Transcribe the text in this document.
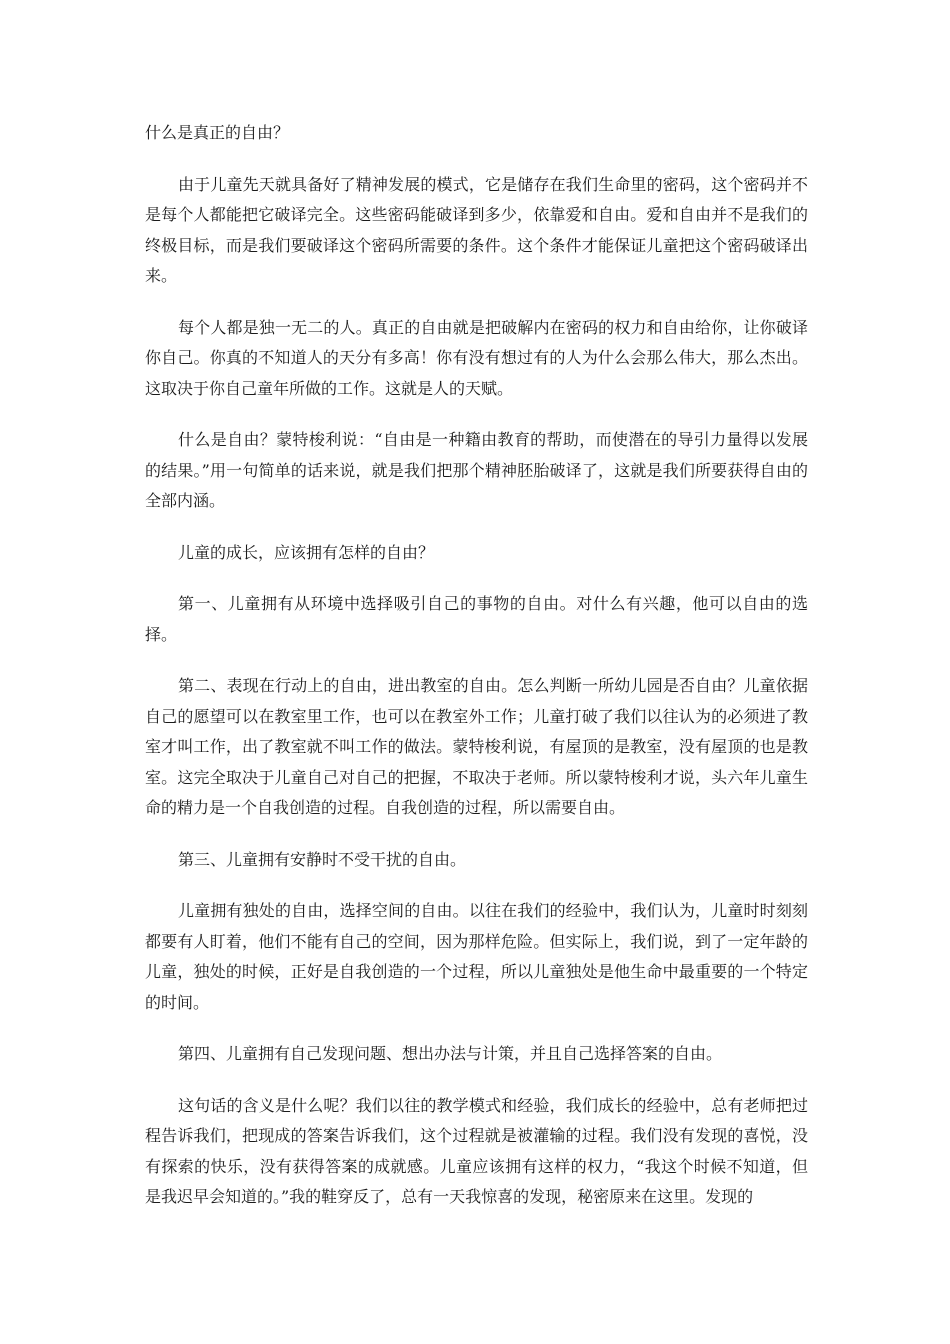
什么是真正的自由？

由于儿童先天就具备好了精神发展的模式，它是储存在我们生命里的密码，这个密码并不是每个人都能把它破译完全。这些密码能破译到多少，依靠爱和自由。爱和自由并不是我们的终极目标，而是我们要破译这个密码所需要的条件。这个条件才能保证儿童把这个密码破译出来。

每个人都是独一无二的人。真正的自由就是把破解内在密码的权力和自由给你，让你破译你自己。你真的不知道人的天分有多高！你有没有想过有的人为什么会那么伟大，那么杰出。这取决于你自己童年所做的工作。这就是人的天赋。

什么是自由？蒙特梭利说：“自由是一种籍由教育的帮助，而使潜在的导引力量得以发展的结果。”用一句简单的话来说，就是我们把那个精神胚胎破译了，这就是我们所要获得自由的全部内涵。

儿童的成长，应该拥有怎样的自由？

第一、儿童拥有从环境中选择吸引自己的事物的自由。对什么有兴趣，他可以自由的选择。

第二、表现在行动上的自由，进出教室的自由。怎么判断一所幼儿园是否自由？儿童依据自己的愿望可以在教室里工作，也可以在教室外工作；儿童打破了我们以往认为的必须进了教室才叫工作，出了教室就不叫工作的做法。蒙特梭利说，有屋顶的是教室，没有屋顶的也是教室。这完全取决于儿童自己对自己的把握，不取决于老师。所以蒙特梭利才说，头六年儿童生命的精力是一个自我创造的过程。自我创造的过程，所以需要自由。

第三、儿童拥有安静时不受干扰的自由。

儿童拥有独处的自由，选择空间的自由。以往在我们的经验中，我们认为，儿童时时刻刻都要有人盯着，他们不能有自己的空间，因为那样危险。但实际上，我们说，到了一定年龄的儿童，独处的时候，正好是自我创造的一个过程，所以儿童独处是他生命中最重要的一个特定的时间。

第四、儿童拥有自己发现问题、想出办法与计策，并且自己选择答案的自由。

这句话的含义是什么呢？我们以往的教学模式和经验，我们成长的经验中，总有老师把过程告诉我们，把现成的答案告诉我们，这个过程就是被灌输的过程。我们没有发现的喜悦，没有探索的快乐，没有获得答案的成就感。儿童应该拥有这样的权力，“我这个时候不知道，但是我迟早会知道的。”我的鞋穿反了，总有一天我惊喜的发现，秘密原来在这里。发现的
